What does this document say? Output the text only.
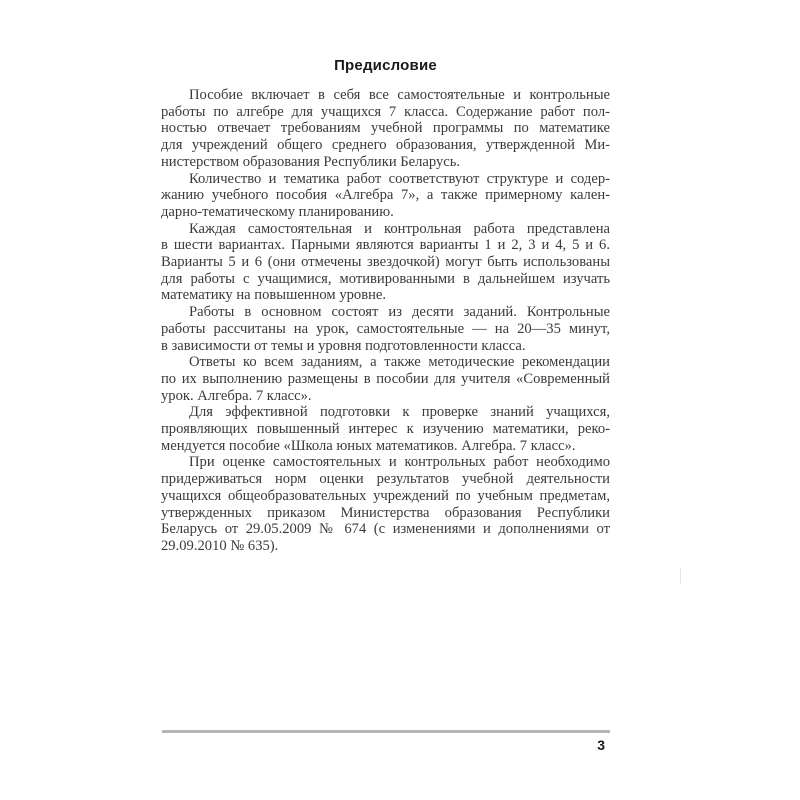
Предисловие

Пособие включает в себя все самостоятельные и контрольные
работы по алгебре для учащихся 7 класса. Содержание работ пол-
ностью отвечает требованиям учебной программы по математике
для учреждений общего среднего образования, утвержденной Ми-
нистерством образования Республики Беларусь.

Количество и тематика работ соответствуют структуре и содер-
жанию учебного пособия «Алгебра 7», а также примерному кален-
дарно-тематическому планированию.

Каждая самостоятельная и контрольная работа представлена
в шести вариантах. Парными являются варианты 1 и 2, 3 и 4, 5 и 6.
Варианты 5 и 6 (они отмечены звездочкой) могут быть использованы
для работы с учащимися, мотивированными в дальнейшем изучать
математику на повышенном уровне.

Работы в основном состоят из десяти заданий. Контрольные
работы рассчитаны на урок, самостоятельные — на 20—35 минут,
в зависимости от темы и уровня подготовленности класса.

Ответы ко всем заданиям, а также методические рекомендации
по их выполнению размещены в пособии для учителя «Современный
урок. Алгебра. 7 класс».

Для эффективной подготовки к проверке знаний учащихся,
проявляющих повышенный интерес к изучению математики, реко-
мендуется пособие «Школа юных математиков. Алгебра. 7 класс».

При оценке самостоятельных и контрольных работ необходимо
придерживаться норм оценки результатов учебной деятельности
учащихся общеобразовательных учреждений по учебным предметам,
утвержденных приказом Министерства образования Республики
Беларусь от 29.05.2009 № 674 (с изменениями и дополнениями от
29.09.2010 № 635).

3
